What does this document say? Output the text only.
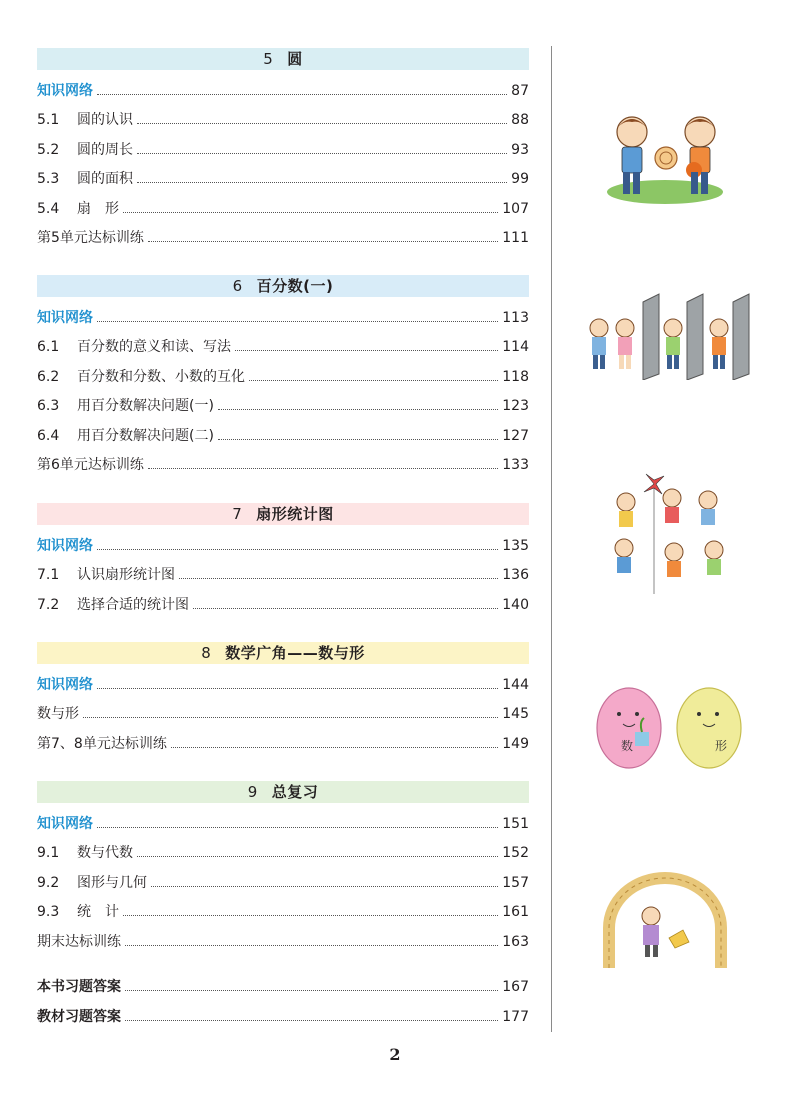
5 圆
知识网络	87
5.1 圆的认识	88
5.2 圆的周长	93
5.3 圆的面积	99
5.4 扇　形	107
第5单元达标训练	111
6 百分数(一)
知识网络	113
6.1 百分数的意义和读、写法	114
6.2 百分数和分数、小数的互化	118
6.3 用百分数解决问题(一)	123
6.4 用百分数解决问题(二)	127
第6单元达标训练	133
7 扇形统计图
知识网络	135
7.1 认识扇形统计图	136
7.2 选择合适的统计图	140
8 数学广角——数与形
知识网络	144
数与形	145
第7、8单元达标训练	149
9 总复习
知识网络	151
9.1 数与代数	152
9.2 图形与几何	157
9.3 统　计	161
期末达标训练	163
本书习题答案	167
教材习题答案	177
数	形
2
